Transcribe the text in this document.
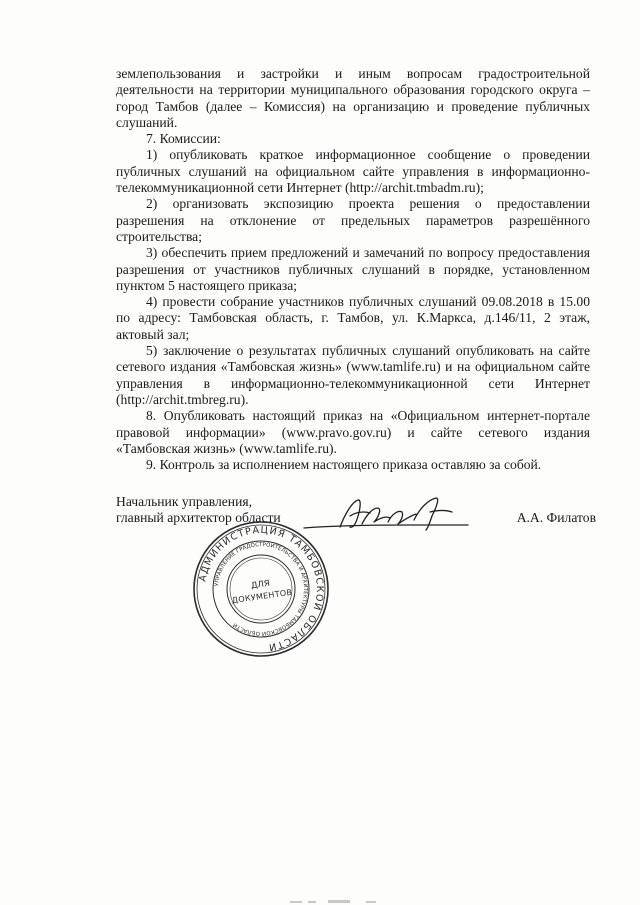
землепользования и застройки и иным вопросам градостроительной деятельности на территории муниципального образования городского округа – город Тамбов (далее – Комиссия) на организацию и проведение публичных слушаний.

7. Комиссии:

1) опубликовать краткое информационное сообщение о проведении публичных слушаний на официальном сайте управления в информационно-телекоммуникационной сети Интернет (http://archit.tmbadm.ru);

2) организовать экспозицию проекта решения о предоставлении разрешения на отклонение от предельных параметров разрешённого строительства;

3) обеспечить прием предложений и замечаний по вопросу предоставления разрешения от участников публичных слушаний в порядке, установленном пунктом 5 настоящего приказа;

4) провести собрание участников публичных слушаний 09.08.2018 в 15.00 по адресу: Тамбовская область, г. Тамбов, ул. К.Маркса, д.146/11, 2 этаж, актовый зал;

5) заключение о результатах публичных слушаний опубликовать на сайте сетевого издания «Тамбовская жизнь» (www.tamlife.ru) и на официальном сайте управления в информационно-телекоммуникационной сети Интернет (http://archit.tmbreg.ru).

8. Опубликовать настоящий приказ на «Официальном интернет-портале правовой информации» (www.pravo.gov.ru) и сайте сетевого издания «Тамбовская жизнь» (www.tamlife.ru).

9. Контроль за исполнением настоящего приказа оставляю за собой.

Начальник управления,
главный архитектор области	А.А. Филатов
АДМИНИСТРАЦИЯ ТАМБОВСКОЙ ОБЛАСТИ
УПРАВЛЕНИЕ ГРАДОСТРОИТЕЛЬСТВА И АРХИТЕКТУРЫ ТАМБОВСКОЙ ОБЛАСТИ
ДЛЯ
ДОКУМЕНТОВ
